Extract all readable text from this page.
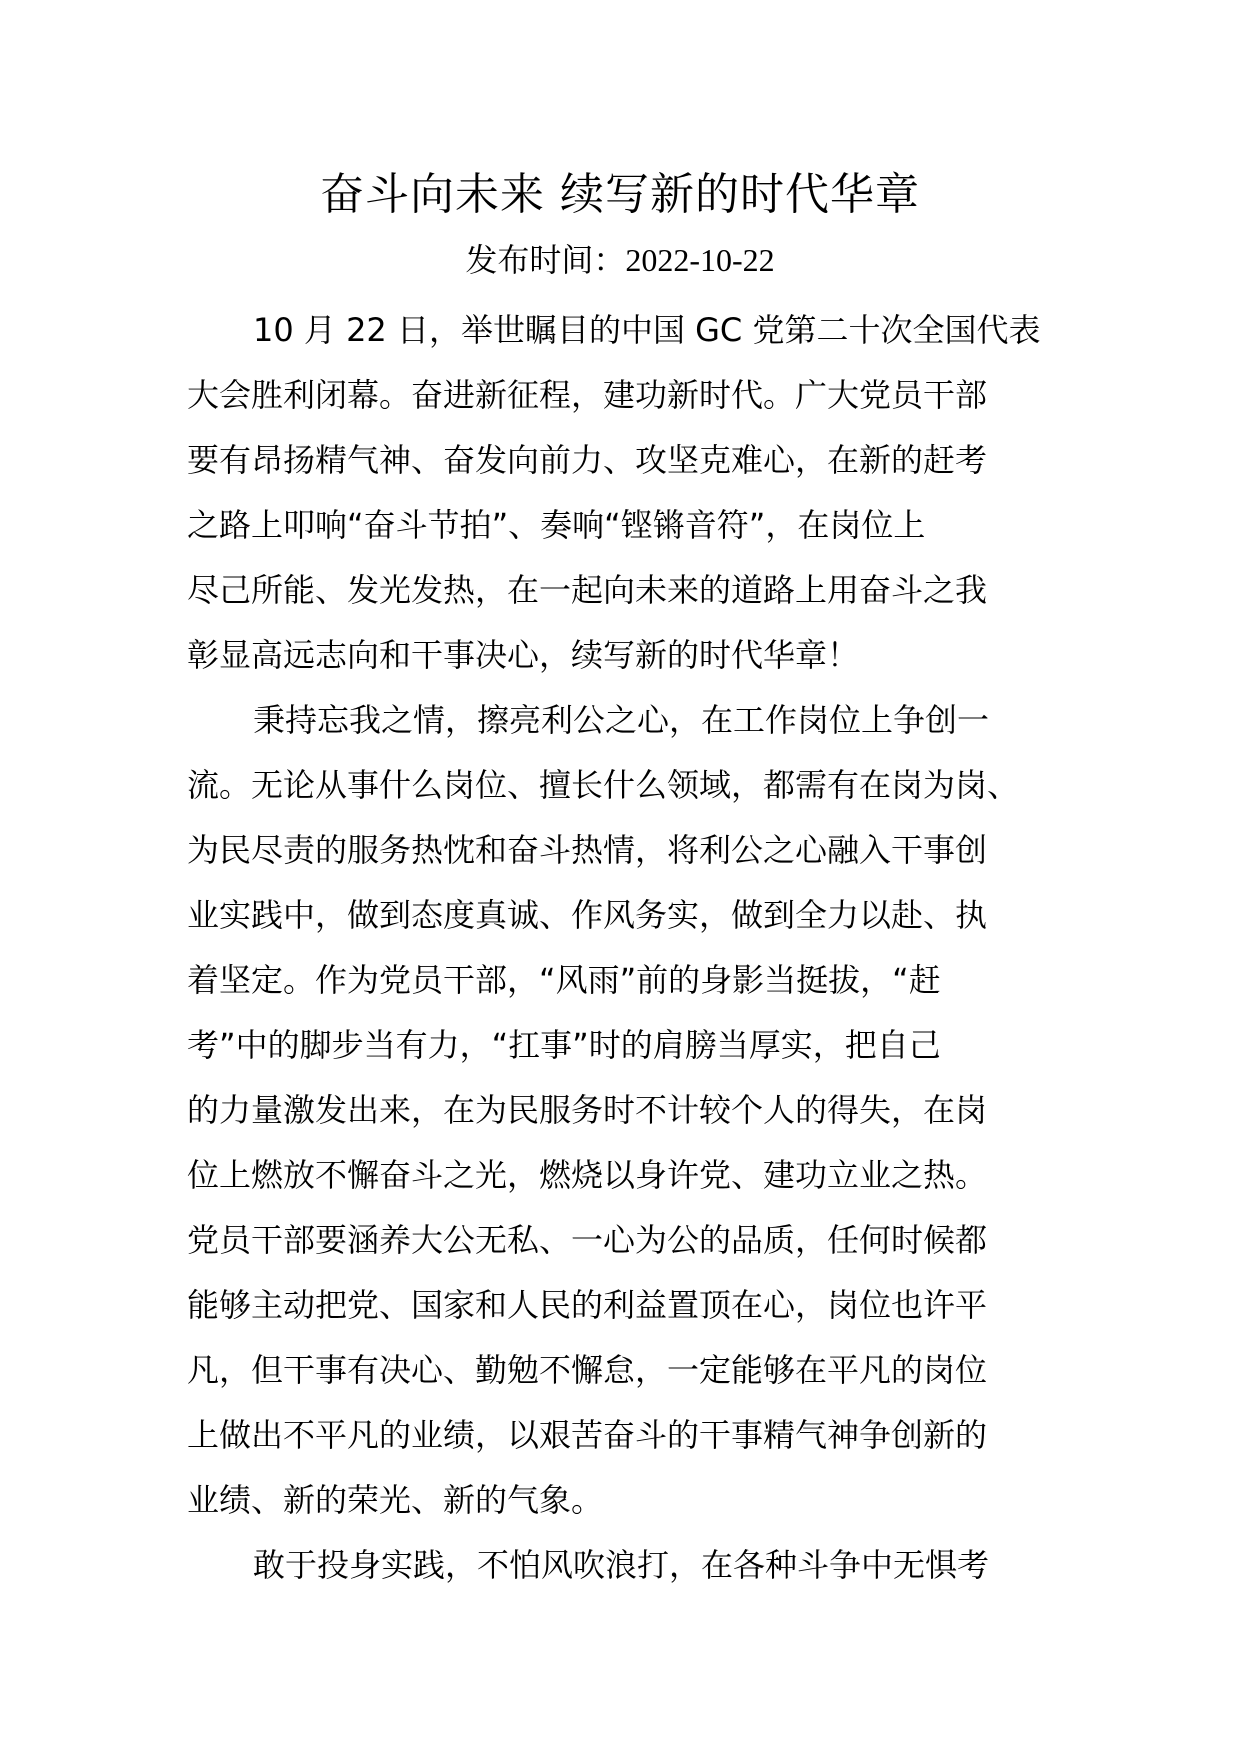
奋斗向未来 续写新的时代华章
发布时间：2022-10-22
10 月 22 日，举世瞩目的中国 GC 党第二十次全国代表
大会胜利闭幕。奋进新征程，建功新时代。广大党员干部
要有昂扬精气神、奋发向前力、攻坚克难心，在新的赶考
之路上叩响“奋斗节拍”、奏响“铿锵音符”，在岗位上
尽己所能、发光发热，在一起向未来的道路上用奋斗之我
彰显高远志向和干事决心，续写新的时代华章！
秉持忘我之情，擦亮利公之心，在工作岗位上争创一
流。无论从事什么岗位、擅长什么领域，都需有在岗为岗、
为民尽责的服务热忱和奋斗热情，将利公之心融入干事创
业实践中，做到态度真诚、作风务实，做到全力以赴、执
着坚定。作为党员干部，“风雨”前的身影当挺拔，“赶
考”中的脚步当有力，“扛事”时的肩膀当厚实，把自己
的力量激发出来，在为民服务时不计较个人的得失，在岗
位上燃放不懈奋斗之光，燃烧以身许党、建功立业之热。
党员干部要涵养大公无私、一心为公的品质，任何时候都
能够主动把党、国家和人民的利益置顶在心，岗位也许平
凡，但干事有决心、勤勉不懈怠，一定能够在平凡的岗位
上做出不平凡的业绩，以艰苦奋斗的干事精气神争创新的
业绩、新的荣光、新的气象。
敢于投身实践，不怕风吹浪打，在各种斗争中无惧考
